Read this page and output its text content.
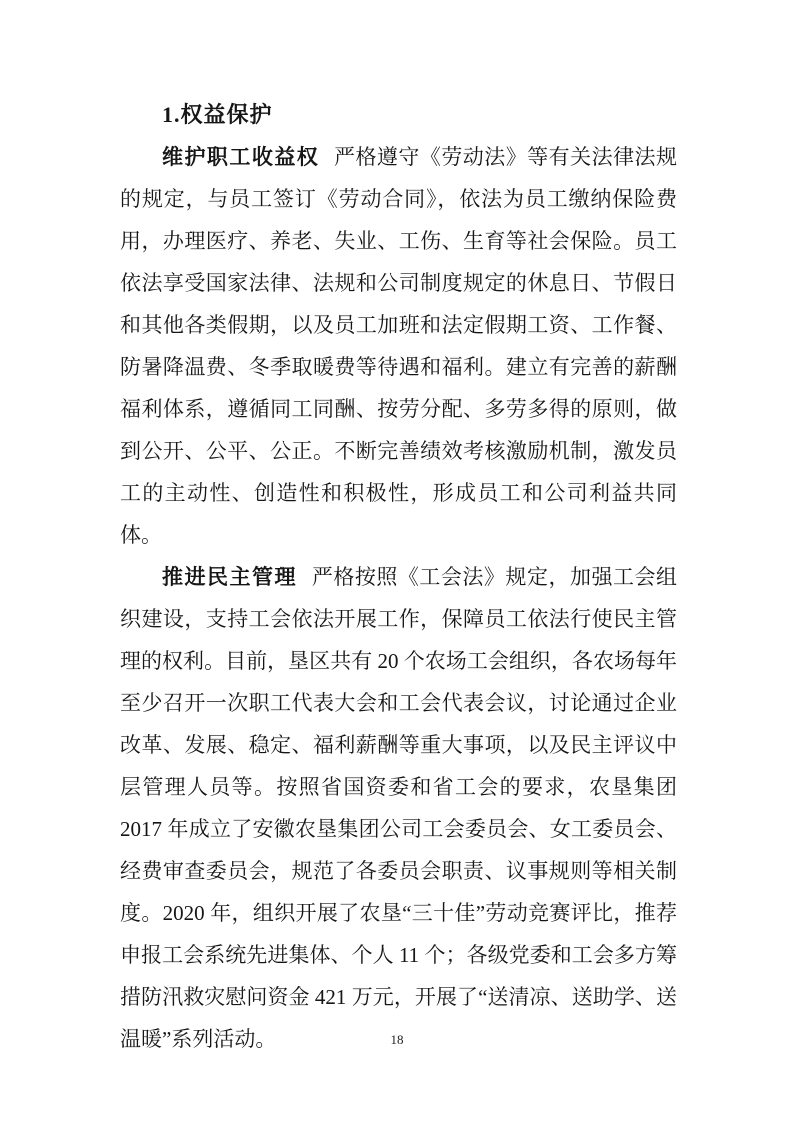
1.权益保护

维护职工收益权 严格遵守《劳动法》等有关法律法规的规定，与员工签订《劳动合同》，依法为员工缴纳保险费用，办理医疗、养老、失业、工伤、生育等社会保险。员工依法享受国家法律、法规和公司制度规定的休息日、节假日和其他各类假期，以及员工加班和法定假期工资、工作餐、防暑降温费、冬季取暖费等待遇和福利。建立有完善的薪酬福利体系，遵循同工同酬、按劳分配、多劳多得的原则，做到公开、公平、公正。不断完善绩效考核激励机制，激发员工的主动性、创造性和积极性，形成员工和公司利益共同体。

推进民主管理 严格按照《工会法》规定，加强工会组织建设，支持工会依法开展工作，保障员工依法行使民主管理的权利。目前，垦区共有 20 个农场工会组织，各农场每年至少召开一次职工代表大会和工会代表会议，讨论通过企业改革、发展、稳定、福利薪酬等重大事项，以及民主评议中层管理人员等。按照省国资委和省工会的要求，农垦集团 2017 年成立了安徽农垦集团公司工会委员会、女工委员会、经费审查委员会，规范了各委员会职责、议事规则等相关制度。2020 年，组织开展了农垦“三十佳”劳动竞赛评比，推荐申报工会系统先进集体、个人 11 个；各级党委和工会多方筹措防汛救灾慰问资金 421 万元，开展了“送清凉、送助学、送温暖”系列活动。	18
